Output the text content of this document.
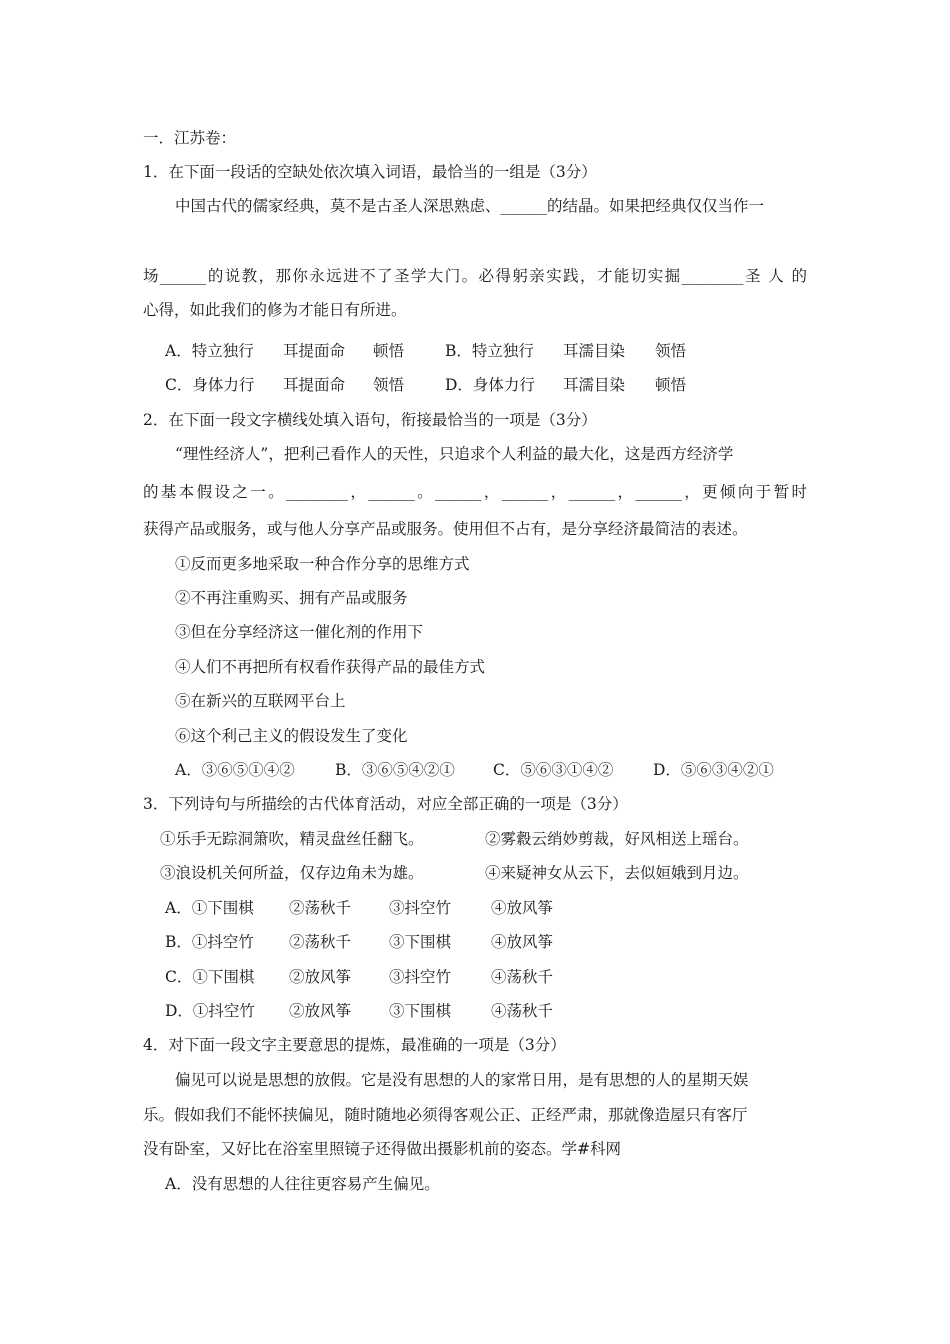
一．江苏卷：
1．在下面一段话的空缺处依次填入词语，最恰当的一组是（3分）
中国古代的儒家经典，莫不是古圣人深思熟虑、______的结晶。如果把经典仅仅当作一
场______的说教，那你永远进不了圣学大门。必得躬亲实践，才能切实掘________圣 人 的
心得，如此我们的修为才能日有所进。
A．特立独行 耳提面命 顿悟	B．特立独行 耳濡目染 领悟
C．身体力行 耳提面命 领悟	D．身体力行 耳濡目染 顿悟
2．在下面一段文字横线处填入语句，衔接最恰当的一项是（3分）
“理性经济人”，把利己看作人的天性，只追求个人利益的最大化，这是西方经济学
的基本假设之一。________，______。______，______，______，______，更倾向于暂时
获得产品或服务，或与他人分享产品或服务。使用但不占有，是分享经济最简洁的表述。
①反而更多地采取一种合作分享的思维方式
②不再注重购买、拥有产品或服务
③但在分享经济这一催化剂的作用下
④人们不再把所有权看作获得产品的最佳方式
⑤在新兴的互联网平台上
⑥这个利己主义的假设发生了变化
A．③⑥⑤①④②	B．③⑥⑤④②① C．⑤⑥③①④②	D．⑤⑥③④②①
3．下列诗句与所描绘的古代体育活动，对应全部正确的一项是（3分）
①乐手无踪洞箫吹，精灵盘丝任翻飞。	②雾縠云绡妙剪裁，好风相送上瑶台。
③浪设机关何所益，仅存边角未为雄。	④来疑神女从云下，去似姮娥到月边。
A．①下围棋 ②荡秋千 ③抖空竹	④放风筝
B．①抖空竹 ②荡秋千 ③下围棋	④放风筝
C．①下围棋 ②放风筝 ③抖空竹	④荡秋千
D．①抖空竹 ②放风筝 ③下围棋	④荡秋千
4．对下面一段文字主要意思的提炼，最准确的一项是（3分）
偏见可以说是思想的放假。它是没有思想的人的家常日用，是有思想的人的星期天娱
乐。假如我们不能怀挟偏见，随时随地必须得客观公正、正经严肃，那就像造屋只有客厅
没有卧室，又好比在浴室里照镜子还得做出摄影机前的姿态。学#科网
A．没有思想的人往往更容易产生偏见。
